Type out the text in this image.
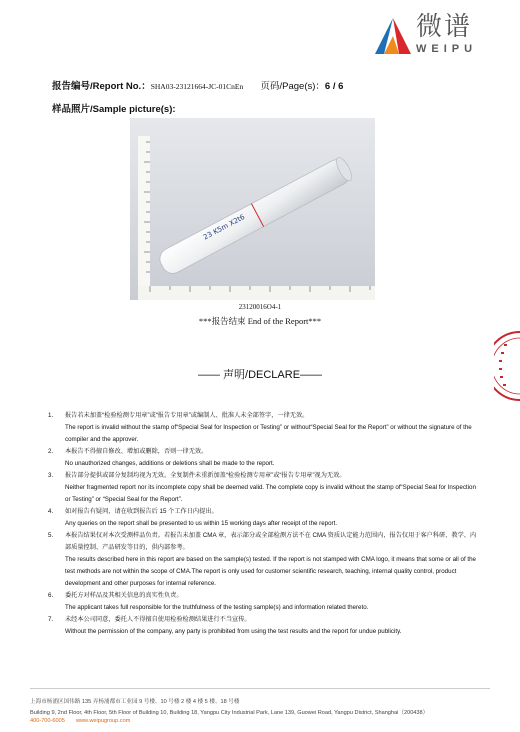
微谱
WEIPU
报告编号/Report No.：SHA03-23121664-JC-01CnEn 页码/Page(s)：6 / 6
样品照片/Sample picture(s):
23 K5m X2t6
23120016O4-1
***报告结束 End of the Report***
—— 声明/DECLARE——
1. 报告若未加盖“检验检测专用章”或“报告专用章”或编制人、批准人未全部签字，一律无效。
The report is invalid without the stamp of“Special Seal for Inspection or Testing” or without“Special Seal for the Report” or without the signature of the compiler and the approver.
2. 本报告不得擅自修改、增加或删除，否则一律无效。
No unauthorized changes, additions or deletions shall be made to the report.
3. 报告部分提供或部分复制均视为无效。全复制件未重新加盖“检验检测专用章”或“报告专用章”视为无效。
Neither fragmented report nor its incomplete copy shall be deemed valid. The complete copy is invalid without the stamp of“Special Seal for Inspection or Testing” or “Special Seal for the Report”.
4. 如对报告有疑问，请在收到报告后 15 个工作日内提出。
Any queries on the report shall be presented to us within 15 working days after receipt of the report.
5. 本报告结果仅对本次受测样品负责。若报告未加盖 CMA 章，表示部分或全部检测方法不在 CMA 资质认定能力范围内，报告仅用于客户科研、教学、内部质量控制、产品研发等目的，供内部参考。
The results described here in this report are based on the sample(s) tested. If the report is not stamped with CMA logo, it means that some or all of the test methods are not within the scope of CMA.The report is only used for customer scientific research, teaching, internal quality control, product development and other purposes for internal reference.
6. 委托方对样品及其相关信息的真实性负责。
The applicant takes full responsible for the truthfulness of the testing sample(s) and information related thereto.
7. 未经本公司同意，委托人不得擅自使用检验检测结果进行不当宣传。
Without the permission of the company, any party is prohibited from using the test results and the report for undue publicity.
上海市杨浦区国伟路 135 弄杨浦都市工业园 9 号楼、10 号楼 2 楼 4 楼 5 楼、18 号楼
Building 9, 2nd Floor, 4th Floor, 5th Floor of Building 10, Building 18, Yangpu City Industrial Park, Lane 139, Guowei Road, Yangpu District, Shanghai（200438）
400-700-6005 www.weipugroup.com
